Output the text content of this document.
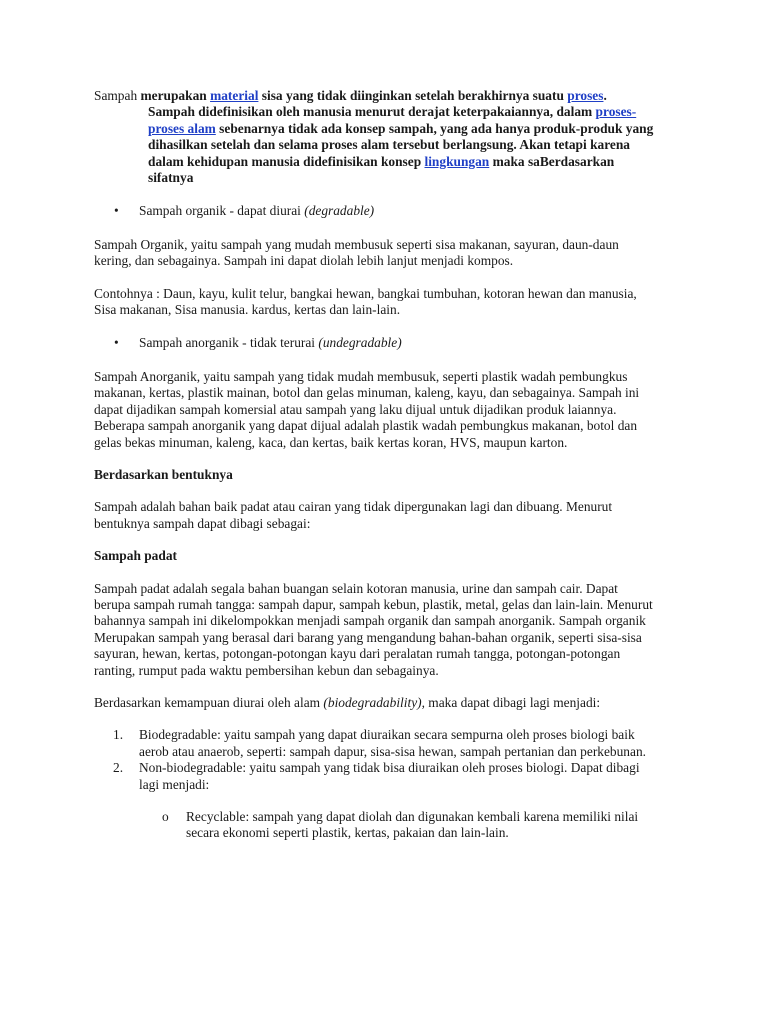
Sampah merupakan material sisa yang tidak diinginkan setelah berakhirnya suatu proses. Sampah didefinisikan oleh manusia menurut derajat keterpakaiannya, dalam proses-proses alam sebenarnya tidak ada konsep sampah, yang ada hanya produk-produk yang dihasilkan setelah dan selama proses alam tersebut berlangsung. Akan tetapi karena dalam kehidupan manusia didefinisikan konsep lingkungan maka saBerdasarkan sifatnya

• Sampah organik - dapat diurai (degradable)

Sampah Organik, yaitu sampah yang mudah membusuk seperti sisa makanan, sayuran, daun-daun kering, dan sebagainya. Sampah ini dapat diolah lebih lanjut menjadi kompos.

Contohnya : Daun, kayu, kulit telur, bangkai hewan, bangkai tumbuhan, kotoran hewan dan manusia, Sisa makanan, Sisa manusia. kardus, kertas dan lain-lain.

• Sampah anorganik - tidak terurai (undegradable)

Sampah Anorganik, yaitu sampah yang tidak mudah membusuk, seperti plastik wadah pembungkus makanan, kertas, plastik mainan, botol dan gelas minuman, kaleng, kayu, dan sebagainya. Sampah ini dapat dijadikan sampah komersial atau sampah yang laku dijual untuk dijadikan produk laiannya. Beberapa sampah anorganik yang dapat dijual adalah plastik wadah pembungkus makanan, botol dan gelas bekas minuman, kaleng, kaca, dan kertas, baik kertas koran, HVS, maupun karton.

Berdasarkan bentuknya

Sampah adalah bahan baik padat atau cairan yang tidak dipergunakan lagi dan dibuang. Menurut bentuknya sampah dapat dibagi sebagai:

Sampah padat

Sampah padat adalah segala bahan buangan selain kotoran manusia, urine dan sampah cair. Dapat berupa sampah rumah tangga: sampah dapur, sampah kebun, plastik, metal, gelas dan lain-lain. Menurut bahannya sampah ini dikelompokkan menjadi sampah organik dan sampah anorganik. Sampah organik Merupakan sampah yang berasal dari barang yang mengandung bahan-bahan organik, seperti sisa-sisa sayuran, hewan, kertas, potongan-potongan kayu dari peralatan rumah tangga, potongan-potongan ranting, rumput pada waktu pembersihan kebun dan sebagainya.

Berdasarkan kemampuan diurai oleh alam (biodegradability), maka dapat dibagi lagi menjadi:

1. Biodegradable: yaitu sampah yang dapat diuraikan secara sempurna oleh proses biologi baik aerob atau anaerob, seperti: sampah dapur, sisa-sisa hewan, sampah pertanian dan perkebunan.

2. Non-biodegradable: yaitu sampah yang tidak bisa diuraikan oleh proses biologi. Dapat dibagi lagi menjadi:

o Recyclable: sampah yang dapat diolah dan digunakan kembali karena memiliki nilai secara ekonomi seperti plastik, kertas, pakaian dan lain-lain.
